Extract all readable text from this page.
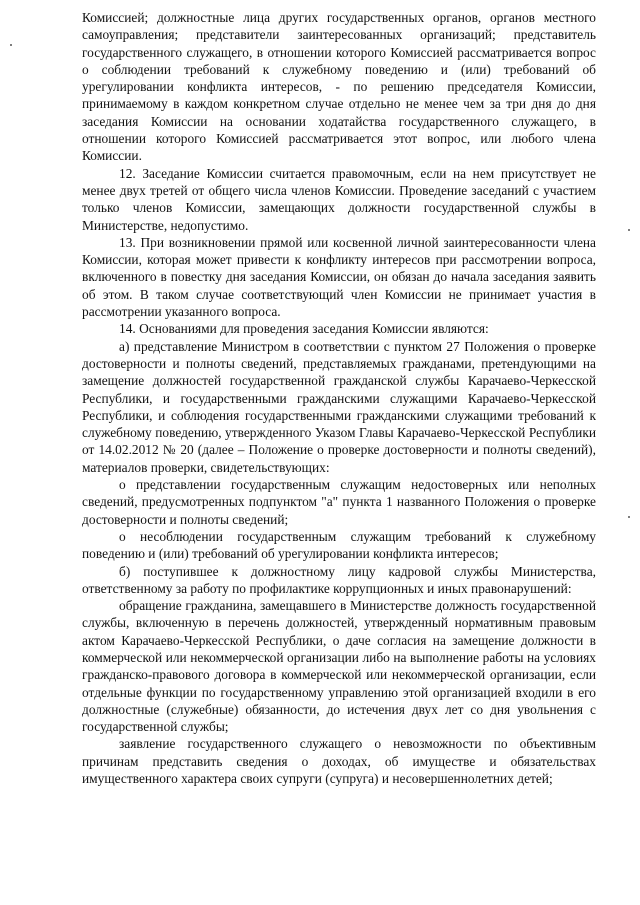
Комиссией; должностные лица других государственных органов, органов местного самоуправления; представители заинтересованных организаций; представитель государственного служащего, в отношении которого Комиссией рассматривается вопрос о соблюдении требований к служебному поведению и (или) требований об урегулировании конфликта интересов, - по решению председателя Комиссии, принимаемому в каждом конкретном случае отдельно не менее чем за три дня до дня заседания Комиссии на основании ходатайства государственного служащего, в отношении которого Комиссией рассматривается этот вопрос, или любого члена Комиссии.

12. Заседание Комиссии считается правомочным, если на нем присутствует не менее двух третей от общего числа членов Комиссии. Проведение заседаний с участием только членов Комиссии, замещающих должности государственной службы в Министерстве, недопустимо.

13. При возникновении прямой или косвенной личной заинтересованности члена Комиссии, которая может привести к конфликту интересов при рассмотрении вопроса, включенного в повестку дня заседания Комиссии, он обязан до начала заседания заявить об этом. В таком случае соответствующий член Комиссии не принимает участия в рассмотрении указанного вопроса.

14. Основаниями для проведения заседания Комиссии являются:

а) представление Министром в соответствии с пунктом 27 Положения о проверке достоверности и полноты сведений, представляемых гражданами, претендующими на замещение должностей государственной гражданской службы Карачаево-Черкесской Республики, и государственными гражданскими служащими Карачаево-Черкесской Республики, и соблюдения государственными гражданскими служащими требований к служебному поведению, утвержденного Указом Главы Карачаево-Черкесской Республики от 14.02.2012 № 20 (далее – Положение о проверке достоверности и полноты сведений), материалов проверки, свидетельствующих:

о представлении государственным служащим недостоверных или неполных сведений, предусмотренных подпунктом "а" пункта 1 названного Положения о проверке достоверности и полноты сведений;

о несоблюдении государственным служащим требований к служебному поведению и (или) требований об урегулировании конфликта интересов;

б) поступившее к должностному лицу кадровой службы Министерства, ответственному за работу по профилактике коррупционных и иных правонарушений:

обращение гражданина, замещавшего в Министерстве должность государственной службы, включенную в перечень должностей, утвержденный нормативным правовым актом Карачаево-Черкесской Республики, о даче согласия на замещение должности в коммерческой или некоммерческой организации либо на выполнение работы на условиях гражданско-правового договора в коммерческой или некоммерческой организации, если отдельные функции по государственному управлению этой организацией входили в его должностные (служебные) обязанности, до истечения двух лет со дня увольнения с государственной службы;

заявление государственного служащего о невозможности по объективным причинам представить сведения о доходах, об имуществе и обязательствах имущественного характера своих супруги (супруга) и несовершеннолетних детей;
